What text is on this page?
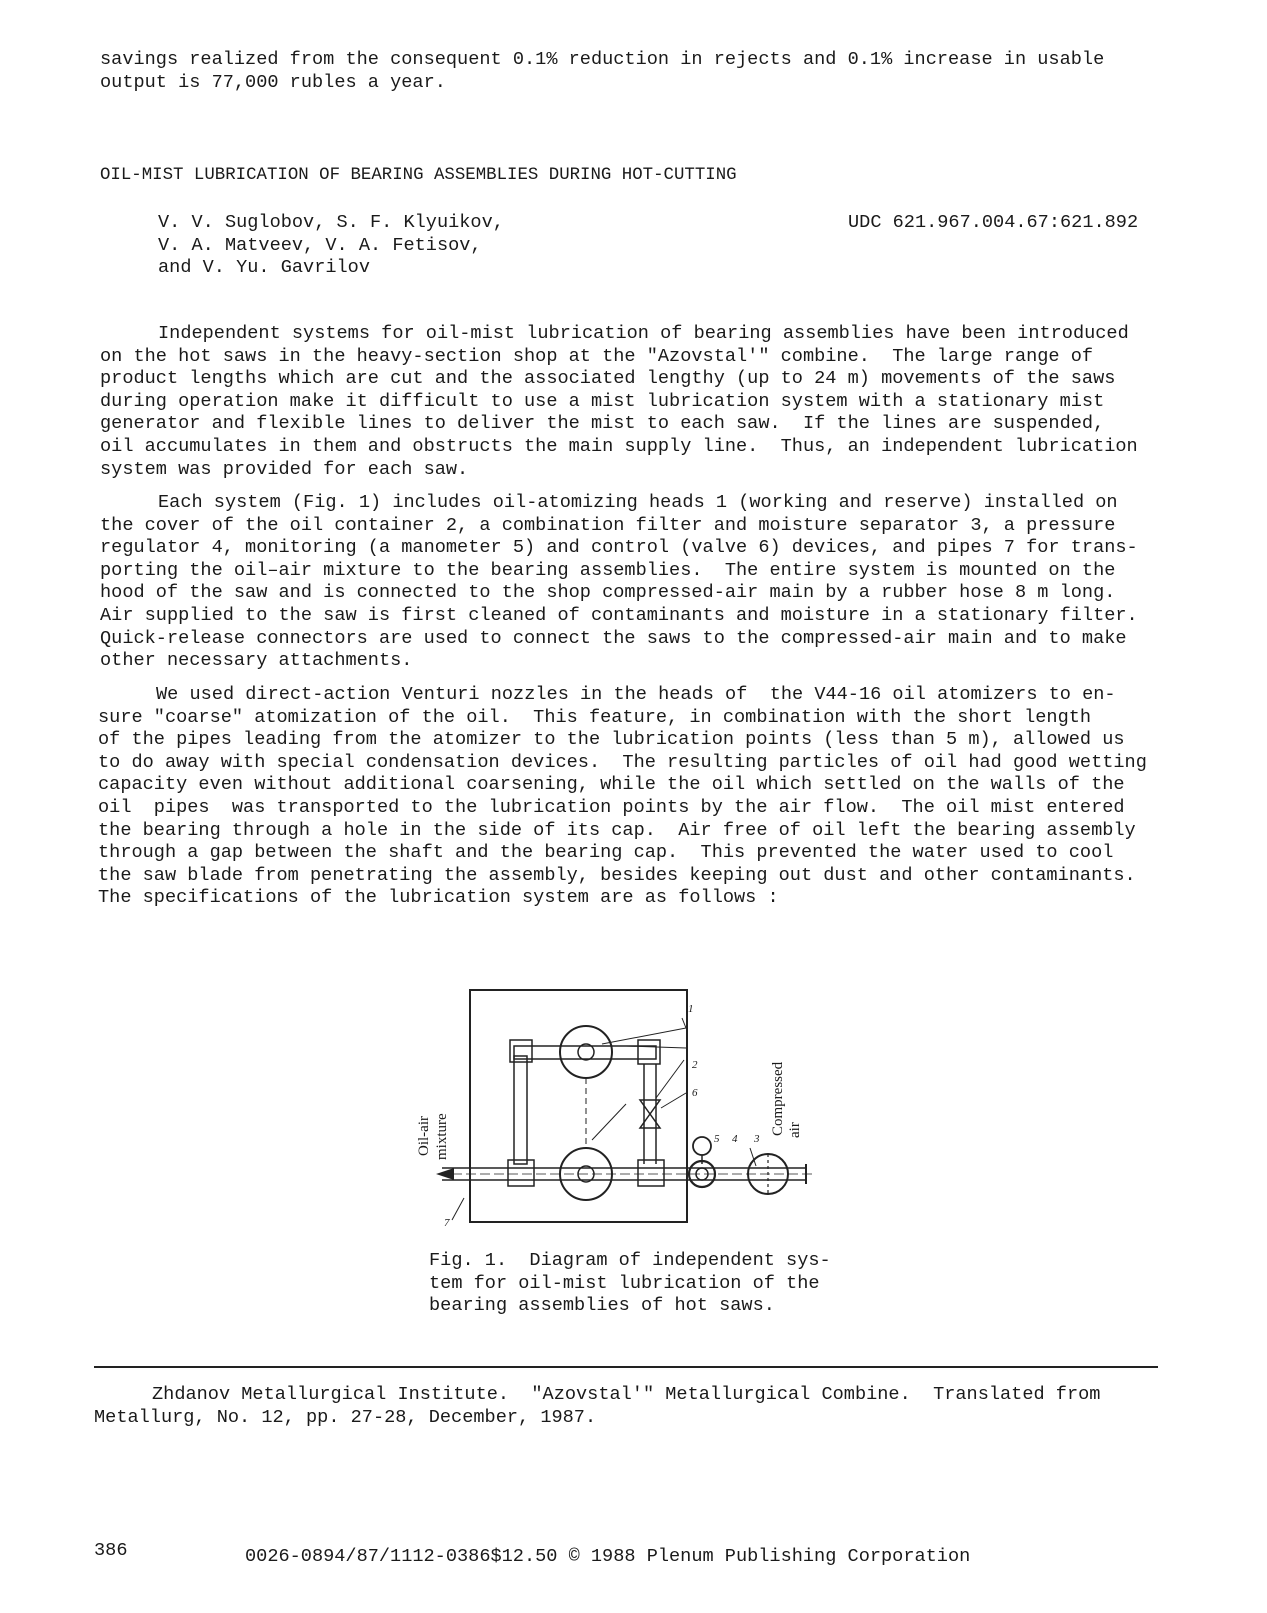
savings realized from the consequent 0.1% reduction in rejects and 0.1% increase in usable
output is 77,000 rubles a year.
OIL-MIST LUBRICATION OF BEARING ASSEMBLIES DURING HOT-CUTTING
V. V. Suglobov, S. F. Klyuikov,
V. A. Matveev, V. A. Fetisov,
and V. Yu. Gavrilov
UDC 621.967.004.67:621.892
Independent systems for oil-mist lubrication of bearing assemblies have been introduced
on the hot saws in the heavy-section shop at the "Azovstal'" combine.  The large range of
product lengths which are cut and the associated lengthy (up to 24 m) movements of the saws
during operation make it difficult to use a mist lubrication system with a stationary mist
generator and flexible lines to deliver the mist to each saw.  If the lines are suspended,
oil accumulates in them and obstructs the main supply line.  Thus, an independent lubrication
system was provided for each saw.
Each system (Fig. 1) includes oil-atomizing heads 1 (working and reserve) installed on
the cover of the oil container 2, a combination filter and moisture separator 3, a pressure
regulator 4, monitoring (a manometer 5) and control (valve 6) devices, and pipes 7 for trans-
porting the oil–air mixture to the bearing assemblies.  The entire system is mounted on the
hood of the saw and is connected to the shop compressed-air main by a rubber hose 8 m long.
Air supplied to the saw is first cleaned of contaminants and moisture in a stationary filter.
Quick-release connectors are used to connect the saws to the compressed-air main and to make
other necessary attachments.
We used direct-action Venturi nozzles in the heads of  the V44-16 oil atomizers to en-
sure "coarse" atomization of the oil.  This feature, in combination with the short length
of the pipes leading from the atomizer to the lubrication points (less than 5 m), allowed us
to do away with special condensation devices.  The resulting particles of oil had good wetting
capacity even without additional coarsening, while the oil which settled on the walls of the
oil  pipes  was transported to the lubrication points by the air flow.  The oil mist entered
the bearing through a hole in the side of its cap.  Air free of oil left the bearing assembly
through a gap between the shaft and the bearing cap.  This prevented the water used to cool
the saw blade from penetrating the assembly, besides keeping out dust and other contaminants.
The specifications of the lubrication system are as follows :
Oil-air mixture
Compressed air
1
2
6
5 4 3
7
Fig. 1.  Diagram of independent sys-
tem for oil-mist lubrication of the
bearing assemblies of hot saws.
Zhdanov Metallurgical Institute.  "Azovstal'" Metallurgical Combine.  Translated from
Metallurg, No. 12, pp. 27-28, December, 1987.
386	0026-0894/87/1112-0386$12.50 © 1988 Plenum Publishing Corporation
